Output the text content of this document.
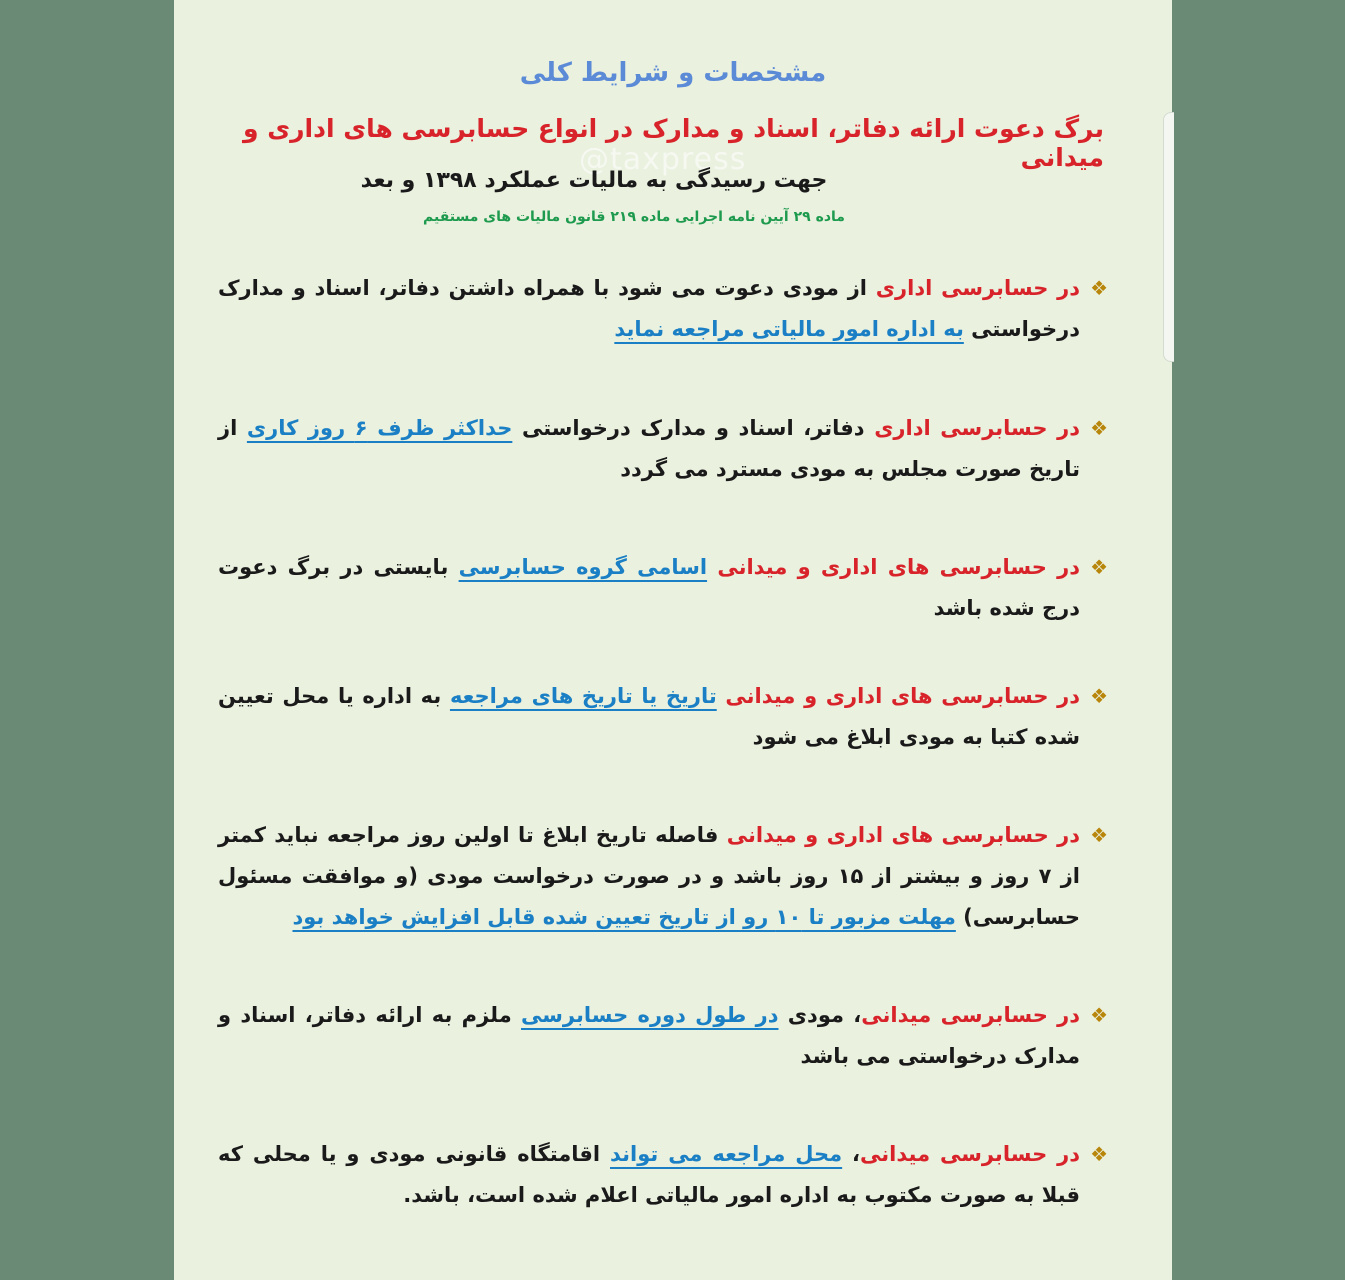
مشخصات و شرایط کلی
برگ دعوت ارائه دفاتر، اسناد و مدارک در انواع حسابرسی های اداری و میدانی
@taxpress
جهت رسیدگی به مالیات عملکرد ۱۳۹۸ و بعد
ماده ۲۹ آیین نامه اجرایی ماده ۲۱۹ قانون مالیات های مستقیم
❖
در حسابرسی اداری از مودی دعوت می شود با همراه داشتن دفاتر، اسناد و مدارک درخواستی به اداره امور مالیاتی مراجعه نماید
❖
در حسابرسی اداری دفاتر، اسناد و مدارک درخواستی حداکثر ظرف ۶ روز کاری از تاریخ صورت مجلس به مودی مسترد می گردد
❖
در حسابرسی های اداری و میدانی اسامی گروه حسابرسی بایستی در برگ دعوت درج شده باشد
❖
در حسابرسی های اداری و میدانی تاریخ یا تاریخ های مراجعه به اداره یا محل تعیین شده کتبا به مودی ابلاغ می شود
❖
در حسابرسی های اداری و میدانی فاصله تاریخ ابلاغ تا اولین روز مراجعه نباید کمتر از ۷ روز و بیشتر از ۱۵ روز باشد و در صورت درخواست مودی (و موافقت مسئول حسابرسی) مهلت مزبور تا ۱۰ رو از تاریخ تعیین شده قابل افزایش خواهد بود
❖
در حسابرسی میدانی، مودی در طول دوره حسابرسی ملزم به ارائه دفاتر، اسناد و مدارک درخواستی می باشد
❖
در حسابرسی میدانی، محل مراجعه می تواند اقامتگاه قانونی مودی و یا محلی که قبلا به صورت مکتوب به اداره امور مالیاتی اعلام شده است، باشد.
